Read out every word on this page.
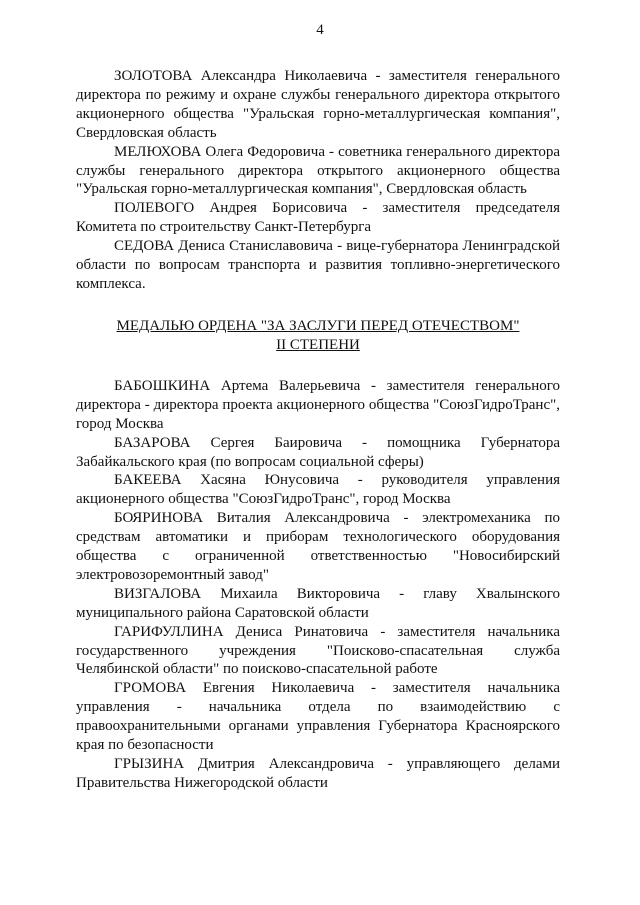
4

ЗОЛОТОВА Александра Николаевича - заместителя генерального директора по режиму и охране службы генерального директора открытого акционерного общества "Уральская горно-металлургическая компания", Свердловская область

МЕЛЮХОВА Олега Федоровича - советника генерального директора службы генерального директора открытого акционерного общества "Уральская горно-металлургическая компания", Свердловская область

ПОЛЕВОГО Андрея Борисовича - заместителя председателя Комитета по строительству Санкт-Петербурга

СЕДОВА Дениса Станиславовича - вице-губернатора Ленинградской области по вопросам транспорта и развития топливно-энергетического комплекса.

МЕДАЛЬЮ ОРДЕНА "ЗА ЗАСЛУГИ ПЕРЕД ОТЕЧЕСТВОМ"
II СТЕПЕНИ

БАБОШКИНА Артема Валерьевича - заместителя генерального директора - директора проекта акционерного общества "СоюзГидроТранс", город Москва

БАЗАРОВА Сергея Баировича - помощника Губернатора Забайкальского края (по вопросам социальной сферы)

БАКЕЕВА Хасяна Юнусовича - руководителя управления акционерного общества "СоюзГидроТранс", город Москва

БОЯРИНОВА Виталия Александровича - электромеханика по средствам автоматики и приборам технологического оборудования общества с ограниченной ответственностью "Новосибирский электровозоремонтный завод"

ВИЗГАЛОВА Михаила Викторовича - главу Хвалынского муниципального района Саратовской области

ГАРИФУЛЛИНА Дениса Ринатовича - заместителя начальника государственного учреждения "Поисково-спасательная служба Челябинской области" по поисково-спасательной работе

ГРОМОВА Евгения Николаевича - заместителя начальника управления - начальника отдела по взаимодействию с правоохранительными органами управления Губернатора Красноярского края по безопасности

ГРЫЗИНА Дмитрия Александровича - управляющего делами Правительства Нижегородской области
